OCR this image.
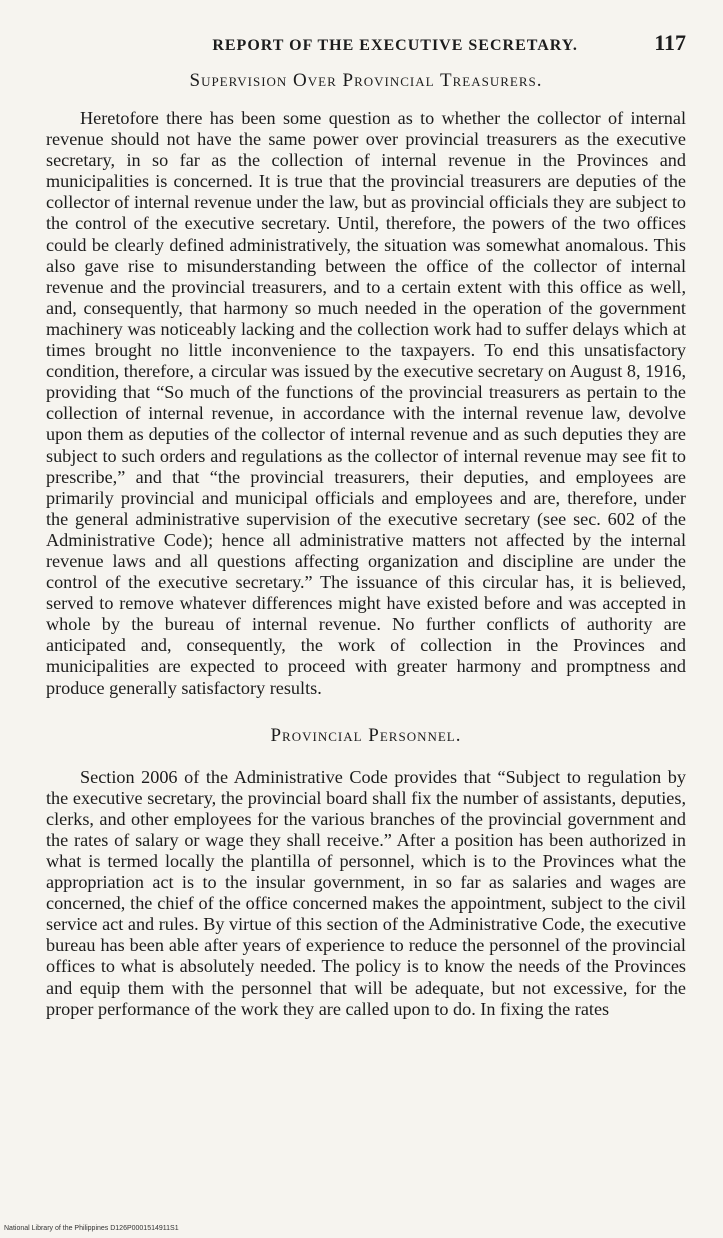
REPORT OF THE EXECUTIVE SECRETARY.	117
Supervision Over Provincial Treasurers.

Heretofore there has been some question as to whether the collector of internal revenue should not have the same power over provincial treasurers as the executive secretary, in so far as the collection of internal revenue in the Provinces and municipalities is concerned. It is true that the provincial treasurers are deputies of the collector of internal revenue under the law, but as provincial officials they are subject to the control of the executive secretary. Until, therefore, the powers of the two offices could be clearly defined administratively, the situation was somewhat anomalous. This also gave rise to misunderstanding between the office of the collector of internal revenue and the provincial treasurers, and to a certain extent with this office as well, and, consequently, that harmony so much needed in the operation of the government machinery was noticeably lacking and the collection work had to suffer delays which at times brought no little inconvenience to the taxpayers. To end this unsatisfactory condition, therefore, a circular was issued by the executive secretary on August 8, 1916, providing that “So much of the functions of the provincial treasurers as pertain to the collection of internal revenue, in accordance with the internal revenue law, devolve upon them as deputies of the collector of internal revenue and as such deputies they are subject to such orders and regulations as the collector of internal revenue may see fit to prescribe,” and that “the provincial treasurers, their deputies, and employees are primarily provincial and municipal officials and employees and are, therefore, under the general administrative supervision of the executive secretary (see sec. 602 of the Administrative Code); hence all administrative matters not affected by the internal revenue laws and all questions affecting organization and discipline are under the control of the executive secretary.” The issuance of this circular has, it is believed, served to remove whatever differences might have existed before and was accepted in whole by the bureau of internal revenue. No further conflicts of authority are anticipated and, consequently, the work of collection in the Provinces and municipalities are expected to proceed with greater harmony and promptness and produce generally satisfactory results.

Provincial Personnel.

Section 2006 of the Administrative Code provides that “Subject to regulation by the executive secretary, the provincial board shall fix the number of assistants, deputies, clerks, and other employees for the various branches of the provincial government and the rates of salary or wage they shall receive.” After a position has been authorized in what is termed locally the plantilla of personnel, which is to the Provinces what the appropriation act is to the insular government, in so far as salaries and wages are concerned, the chief of the office concerned makes the appointment, subject to the civil service act and rules. By virtue of this section of the Administrative Code, the executive bureau has been able after years of experience to reduce the personnel of the provincial offices to what is absolutely needed. The policy is to know the needs of the Provinces and equip them with the personnel that will be adequate, but not excessive, for the proper performance of the work they are called upon to do. In fixing the rates

National Library of the Philippines D126P0001514911S1
